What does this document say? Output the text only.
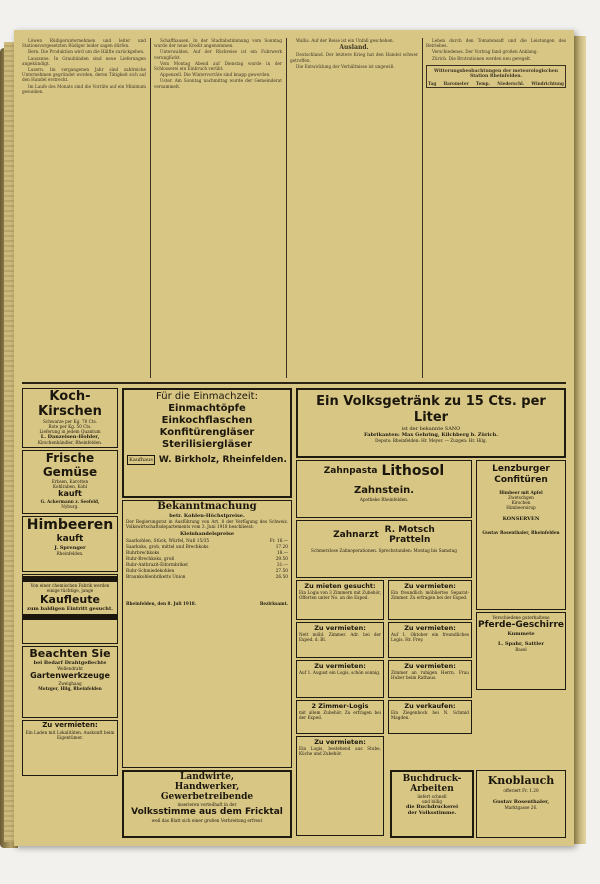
Löwen Rüdigerunternehmen und leiter und Stationsvorgesetzten Rüdiger leider sagen dürfen.

Bern. Die Produktion wird um die Hälfte zurückgehen.

Lausanne. In Graubünden sind neue Lieferungen angekündigt.

Luzern. Im vergangenen Jahr sind zahlreiche Unternehmen gegründet worden, deren Tätigkeit sich auf den Handel erstreckt.

Im Laufe des Monats sind die Vorräte auf ein Minimum gesunken.

Schaffhausen. In der Stadtabstimmung vom Sonntag wurde der neue Kredit angenommen.

Unterwalden. Auf der Rückreise ist ein Fuhrwerk verunglückt.

Vom Montag Abend auf Dienstag wurde in der Schlosserei ein Einbruch verübt.

Appenzell. Die Wintervorräte sind knapp geworden.

Uster. Am Sonntag nachmittag wurde der Gemeinderat versammelt.

Wallis. Auf der Reise ist ein Unfall geschehen.

Ausland.

Deutschland. Der letztere Krieg hat den Handel schwer getroffen.

Die Entwicklung der Verhältnisse ist ungewiß.

Leben durch den Tomatensaft und die Leistungen des Betriebes.

Verschiedenes. Der Vortrag fand großen Anklang.

Zürich. Die Brotrationen werden neu geregelt.

Witterungsbeobachtungen der meteorologischen Station Rheinfelden.
Tag Barometer Temp. Niederschl. Windrichtung
Koch-Kirschen
Schwarze per Kg. 70 Cts.
Rote per Kg. 50 Cts.
Lieferung in jedem Quantum
L. Danzeisen-Hohler,
Kirschenhändler, Rheinfelden.
Frische Gemüse
Erbsen, Karotten
Kohlraben, Kohl
kauft
G. Ackermann z. Seefeld,
Nyburg.
Himbeeren
kauft
J. Sprenger
Rheinfelden.
Von einer chemischen Fabrik werden einige tüchtige, junge
Kaufleute
zum baldigen Eintritt gesucht.
Beachten Sie
bei Bedarf Drahtgeflechte
Wellendraht
Gartenwerkzeuge
Zweighaag
Motzger, Hilg, Rheinfelden
Zu vermieten:
Ein Laden mit Lokalitäten. Auskunft beim Eigentümer.
Für die Einmachzeit:
Einmachtöpfe
Einkochflaschen
Konfitürengläser
Sterilisiergläser
Kaufhaus W. Birkholz, Rheinfelden.
Bekanntmachung
betr. Kohlen-Höchstpreise.
Der Regierungsrat in Ausführung von Art. 8 der Verfügung des Schweiz. Volkswirtschaftsdepartements vom 3. Juni 1918 beschliesst:
Kleinhandelspreise
Saarkohlen, Stück, Würfel, Nuß 15/35	Fr. 16.—
Saarkoks, grob, mittel und Brechkoks	17.20
Ruhrbrechkoks	18.—
Ruhr-Brechkoks, groß	29.50
Ruhr-Anthrazit-Eiformbriket	31.—
Ruhr-Schmiedekohlen	27.50
Braunkohlenbriketts Union	26.50
Rheinfelden, den 8. Juli 1918.	Bezirksamt.
Landwirte,
Handwerker,
Gewerbetreibende
inserieren vorteilhaft in der
Volksstimme aus dem Fricktal
weil das Blatt sich einer großen Verbreitung erfreut
Ein Volksgetränk zu 15 Cts. per Liter
ist der bekannte SANO
Fabrikanten: Max Gehring, Kilchberg b. Zürich.
Depots: Rheinfelden: Hr. Meyer. — Zuzgen: Hr. Hilg.
Zahnpasta Lithosol
Zahnstein.
Apotheke Rheinfelden.
Zahnarzt R. Motsch
Pratteln
Schmerzlose Zahnoperationen. Sprechstunden: Montag bis Samstag
Lenzburger Confitüren
Himbeer mit Apfel
Zwetschgen
Kirschen
Himbeersirup
KONSERVEN
Gustav Rosenthaler, Rheinfelden
Verschiedene guterhaltene
Pferde-Geschirre
Kummete
L. Spahr, Sattler
Basel
Buchdruck-Arbeiten
liefert schnell
und billig
die Buchdruckerei
der Volksstimme.
Knoblauch
offeriert Fr. 1.20
Gustav Rosenthaler,
Marktgasse 26.
Zu mieten gesucht:
Ein Logis von 3 Zimmern mit Zubehör, Offerten unter No. an die Exped.
Zu vermieten:
Ein freundlich möbliertes Separat-Zimmer. Zu erfragen bei der Exped.
Zu vermieten:
Nett möbl. Zimmer. Adr. bei der Exped. d. Bl.
Zu vermieten:
Auf 1. Oktober ein freundliches Logis. Hr. Frey.
Zu vermieten:
Auf 1. August ein Logis, schön sonnig.
Zu vermieten:
Zimmer an ruhigen Herrn. Frau Huber beim Rathaus.
2 Zimmer-Logis
mit allem Zubehör. Zu erfragen bei der Exped.
Zu verkaufen:
Ein Ziegenbock bei N. Schmid Magden.
Zu vermieten:
Ein Logis, bestehend aus Stube, Küche und Zubehör.
